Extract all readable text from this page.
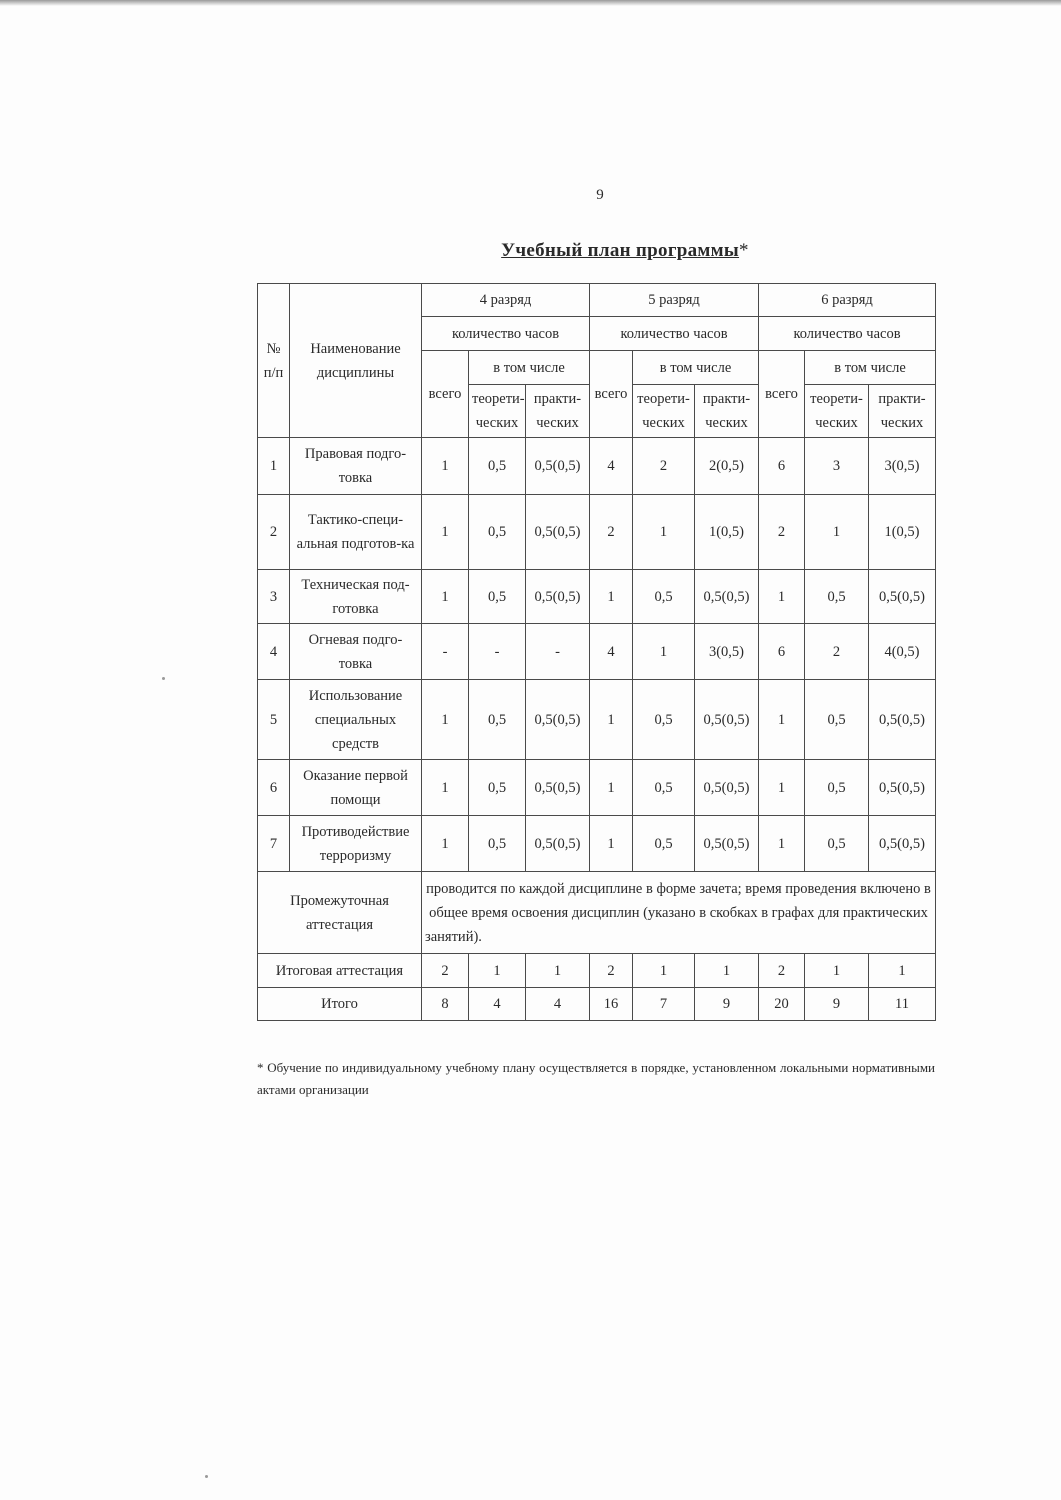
9
Учебный план программы*
№ п/п	Наименование дисциплины	4 разряд			5 разряд			6 разряд		
		количество часов			количество часов			количество часов		
		всего	в том числе		всего	в том числе		всего	в том числе	
			теорети-ческих	практи-ческих		теорети-ческих	практи-ческих		теорети-ческих	практи-ческих
1	Правовая подго-товка	1	0,5	0,5(0,5)	4	2	2(0,5)	6	3	3(0,5)
2	Тактико-специ-альная подготов-ка	1	0,5	0,5(0,5)	2	1	1(0,5)	2	1	1(0,5)
3	Техническая под-готовка	1	0,5	0,5(0,5)	1	0,5	0,5(0,5)	1	0,5	0,5(0,5)
4	Огневая подго-товка	-	-	-	4	1	3(0,5)	6	2	4(0,5)
5	Использование специальных средств	1	0,5	0,5(0,5)	1	0,5	0,5(0,5)	1	0,5	0,5(0,5)
6	Оказание первой помощи	1	0,5	0,5(0,5)	1	0,5	0,5(0,5)	1	0,5	0,5(0,5)
7	Противодействие терроризму	1	0,5	0,5(0,5)	1	0,5	0,5(0,5)	1	0,5	0,5(0,5)
Промежуточная аттестация		проводится по каждой дисциплине в форме зачета; время проведения включено в общее время освоения дисциплин (указано в скобках в графах для практических занятий).								
Итоговая аттестация		2	1	1	2	1	1	2	1	1
Итого		8	4	4	16	7	9	20	9	11
* Обучение по индивидуальному учебному плану осуществляется в порядке, установленном локальными нормативными актами организации
